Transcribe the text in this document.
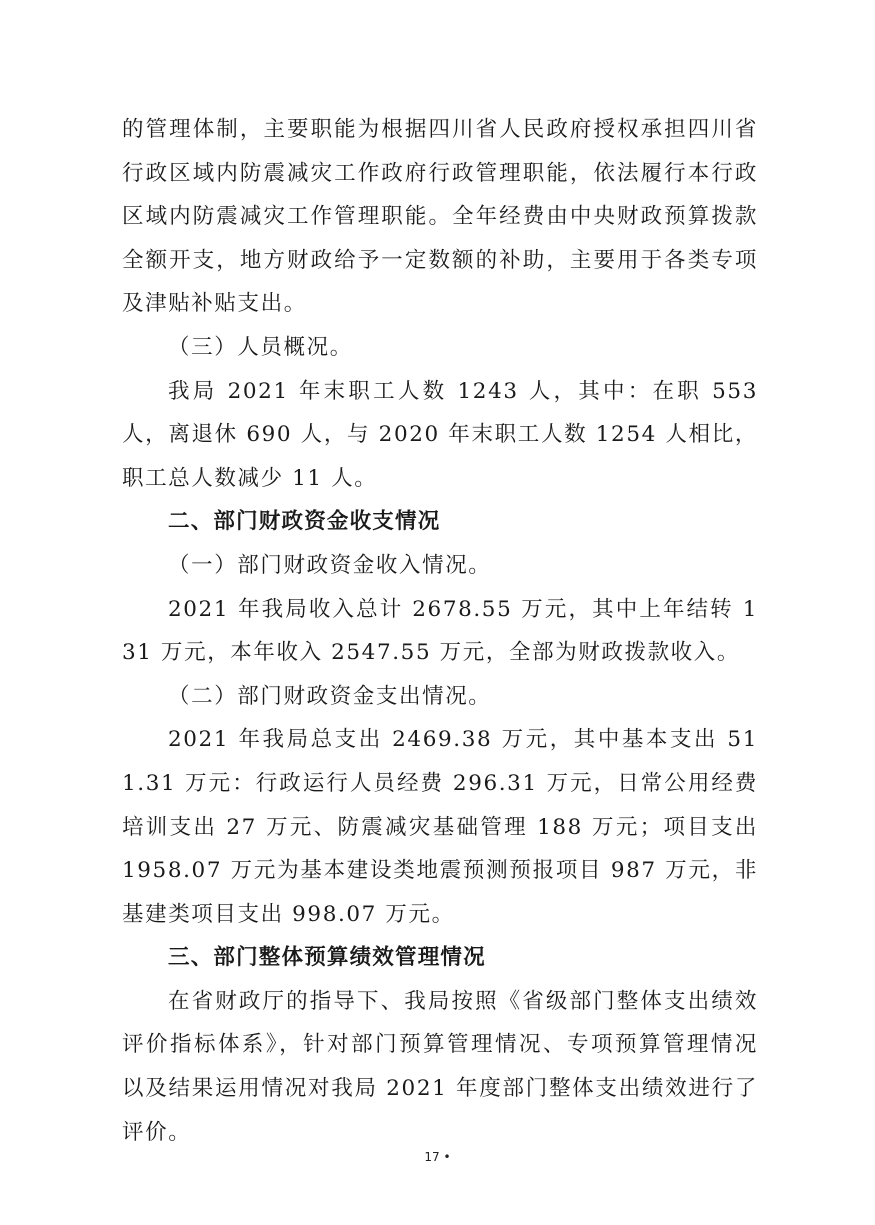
的管理体制，主要职能为根据四川省人民政府授权承担四川省行政区域内防震减灾工作政府行政管理职能，依法履行本行政区域内防震减灾工作管理职能。全年经费由中央财政预算拨款全额开支，地方财政给予一定数额的补助，主要用于各类专项及津贴补贴支出。

（三）人员概况。

我局 2021 年末职工人数 1243 人，其中：在职 553 人，离退休 690 人，与 2020 年末职工人数 1254 人相比，职工总人数减少 11 人。

二、部门财政资金收支情况

（一）部门财政资金收入情况。

2021 年我局收入总计 2678.55 万元，其中上年结转 131 万元，本年收入 2547.55 万元，全部为财政拨款收入。

（二）部门财政资金支出情况。

2021 年我局总支出 2469.38 万元，其中基本支出 511.31 万元：行政运行人员经费 296.31 万元，日常公用经费培训支出 27 万元、防震减灾基础管理 188 万元；项目支出 1958.07 万元为基本建设类地震预测预报项目 987 万元，非基建类项目支出 998.07 万元。

三、部门整体预算绩效管理情况

在省财政厅的指导下、我局按照《省级部门整体支出绩效评价指标体系》，针对部门预算管理情况、专项预算管理情况以及结果运用情况对我局 2021 年度部门整体支出绩效进行了评价。

17 •
